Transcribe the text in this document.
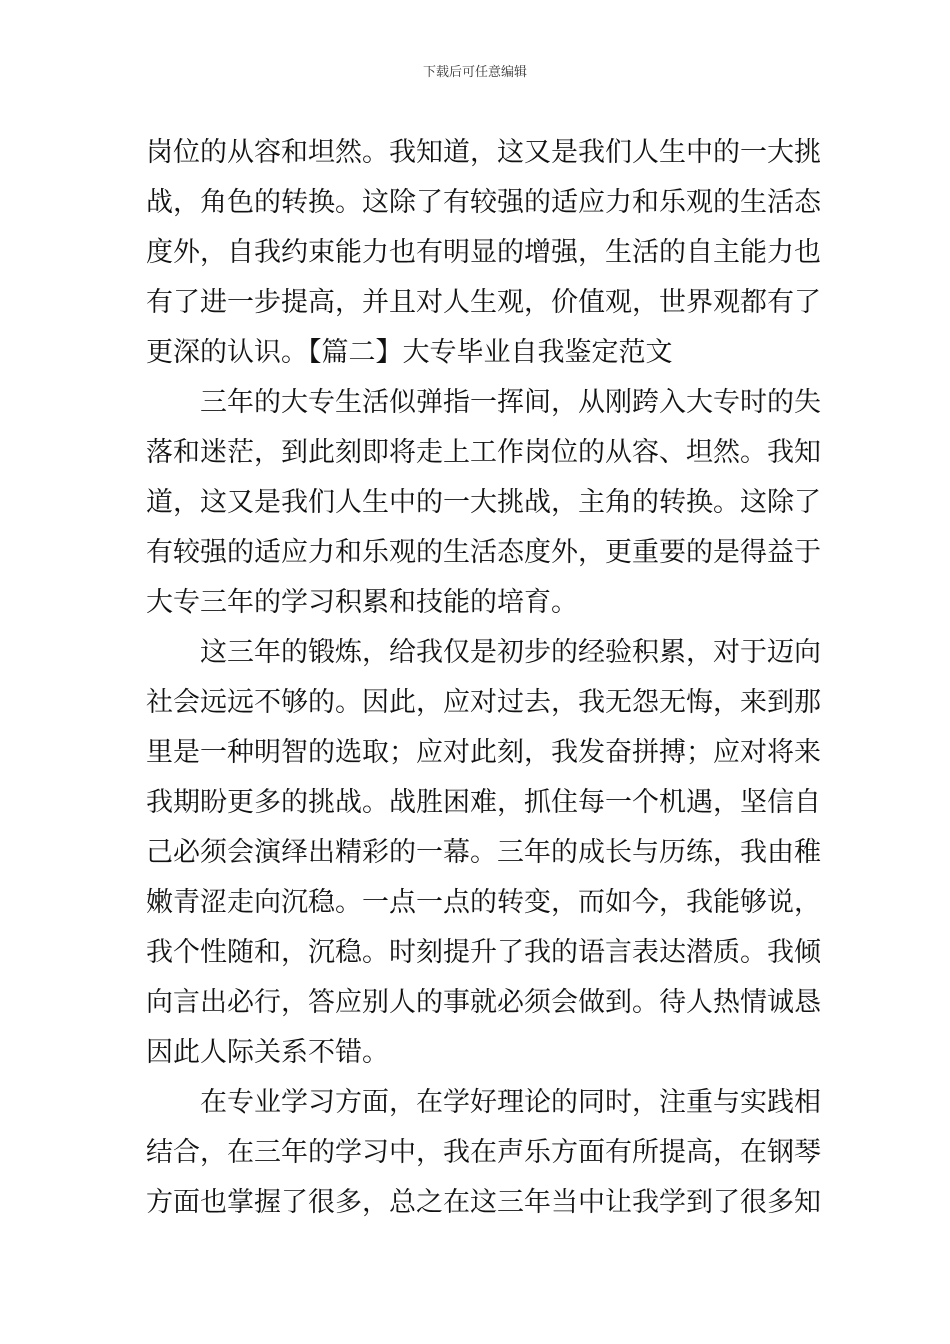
下载后可任意编辑
岗位的从容和坦然。我知道，这又是我们人生中的一大挑
战，角色的转换。这除了有较强的适应力和乐观的生活态
度外，自我约束能力也有明显的增强，生活的自主能力也
有了进一步提高，并且对人生观，价值观，世界观都有了
更深的认识。【篇二】大专毕业自我鉴定范文
三年的大专生活似弹指一挥间，从刚跨入大专时的失
落和迷茫，到此刻即将走上工作岗位的从容、坦然。我知
道，这又是我们人生中的一大挑战，主角的转换。这除了
有较强的适应力和乐观的生活态度外，更重要的是得益于
大专三年的学习积累和技能的培育。
这三年的锻炼，给我仅是初步的经验积累，对于迈向
社会远远不够的。因此，应对过去，我无怨无悔，来到那
里是一种明智的选取；应对此刻，我发奋拼搏；应对将来
我期盼更多的挑战。战胜困难，抓住每一个机遇，坚信自
己必须会演绎出精彩的一幕。三年的成长与历练，我由稚
嫩青涩走向沉稳。一点一点的转变，而如今，我能够说，
我个性随和，沉稳。时刻提升了我的语言表达潜质。我倾
向言出必行，答应别人的事就必须会做到。待人热情诚恳
因此人际关系不错。
在专业学习方面，在学好理论的同时，注重与实践相
结合，在三年的学习中，我在声乐方面有所提高，在钢琴
方面也掌握了很多，总之在这三年当中让我学到了很多知
